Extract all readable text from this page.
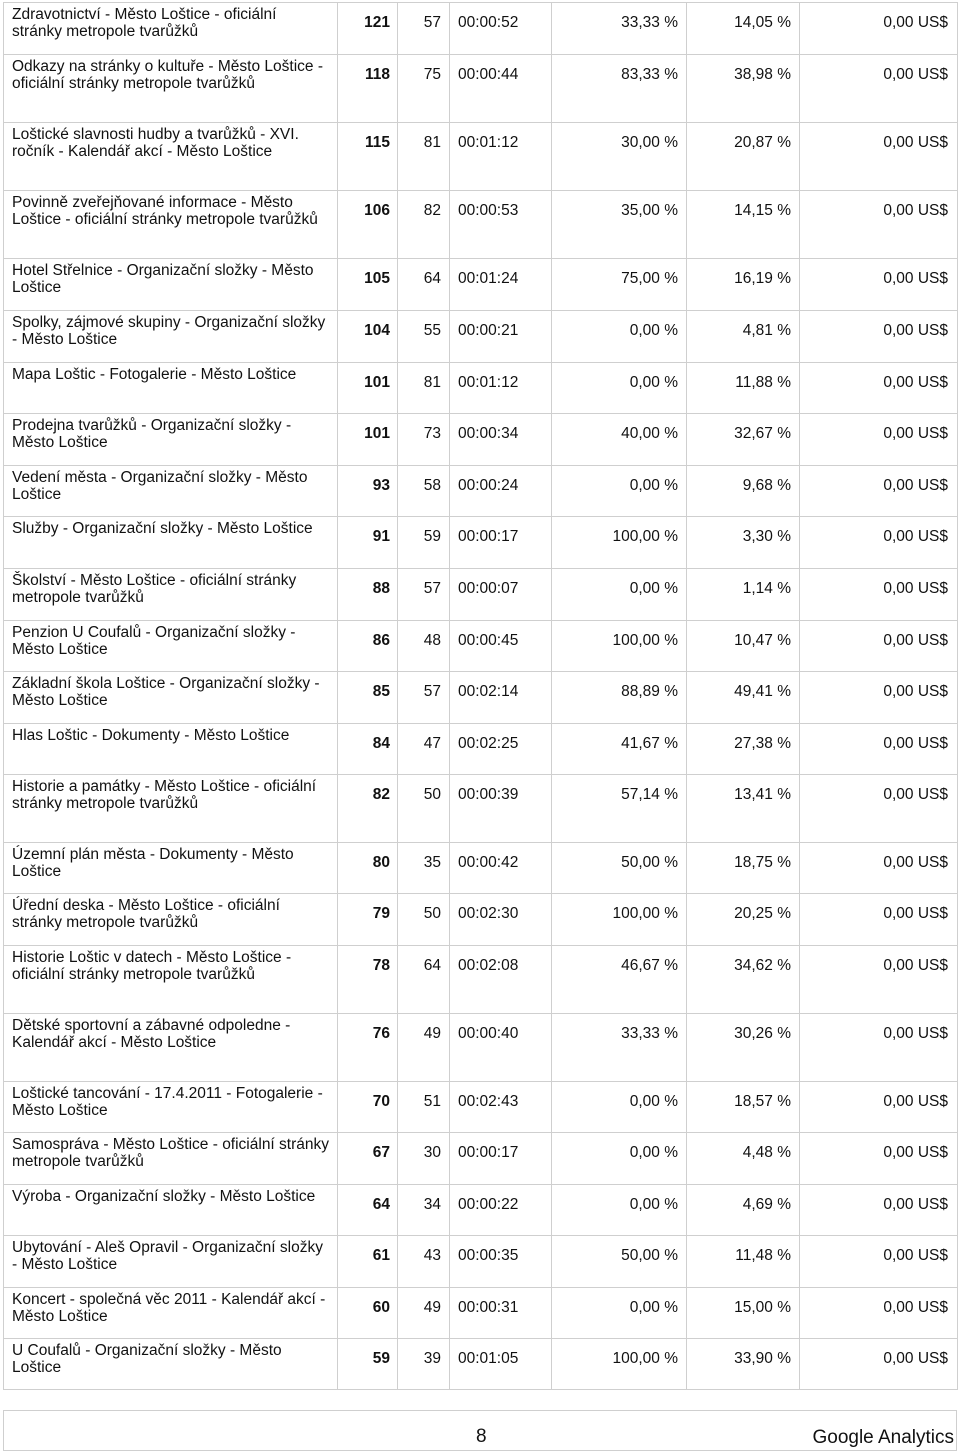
Zdravotnictví - Město Loštice - oficiální stránky metropole tvarůžků	121	57	00:00:52	33,33 %	14,05 %	0,00 US$
Odkazy na stránky o kultuře - Město Loštice - oficiální stránky metropole tvarůžků	118	75	00:00:44	83,33 %	38,98 %	0,00 US$
Loštické slavnosti hudby a tvarůžků - XVI. ročník - Kalendář akcí - Město Loštice	115	81	00:01:12	30,00 %	20,87 %	0,00 US$
Povinně zveřejňované informace - Město Loštice - oficiální stránky metropole tvarůžků	106	82	00:00:53	35,00 %	14,15 %	0,00 US$
Hotel Střelnice - Organizační složky - Město Loštice	105	64	00:01:24	75,00 %	16,19 %	0,00 US$
Spolky, zájmové skupiny - Organizační složky - Město Loštice	104	55	00:00:21	0,00 %	4,81 %	0,00 US$
Mapa Loštic - Fotogalerie - Město Loštice	101	81	00:01:12	0,00 %	11,88 %	0,00 US$
Prodejna tvarůžků - Organizační složky - Město Loštice	101	73	00:00:34	40,00 %	32,67 %	0,00 US$
Vedení města - Organizační složky - Město Loštice	93	58	00:00:24	0,00 %	9,68 %	0,00 US$
Služby - Organizační složky - Město Loštice	91	59	00:00:17	100,00 %	3,30 %	0,00 US$
Školství - Město Loštice - oficiální stránky metropole tvarůžků	88	57	00:00:07	0,00 %	1,14 %	0,00 US$
Penzion U Coufalů - Organizační složky - Město Loštice	86	48	00:00:45	100,00 %	10,47 %	0,00 US$
Základní škola Loštice - Organizační složky - Město Loštice	85	57	00:02:14	88,89 %	49,41 %	0,00 US$
Hlas Loštic - Dokumenty - Město Loštice	84	47	00:02:25	41,67 %	27,38 %	0,00 US$
Historie a památky - Město Loštice - oficiální stránky metropole tvarůžků	82	50	00:00:39	57,14 %	13,41 %	0,00 US$
Územní plán města - Dokumenty - Město Loštice	80	35	00:00:42	50,00 %	18,75 %	0,00 US$
Úřední deska - Město Loštice - oficiální stránky metropole tvarůžků	79	50	00:02:30	100,00 %	20,25 %	0,00 US$
Historie Loštic v datech - Město Loštice - oficiální stránky metropole tvarůžků	78	64	00:02:08	46,67 %	34,62 %	0,00 US$
Dětské sportovní a zábavné odpoledne - Kalendář akcí - Město Loštice	76	49	00:00:40	33,33 %	30,26 %	0,00 US$
Loštické tancování - 17.4.2011 - Fotogalerie - Město Loštice	70	51	00:02:43	0,00 %	18,57 %	0,00 US$
Samospráva - Město Loštice - oficiální stránky metropole tvarůžků	67	30	00:00:17	0,00 %	4,48 %	0,00 US$
Výroba - Organizační složky - Město Loštice	64	34	00:00:22	0,00 %	4,69 %	0,00 US$
Ubytování - Aleš Opravil - Organizační složky - Město Loštice	61	43	00:00:35	50,00 %	11,48 %	0,00 US$
Koncert - společná věc 2011 - Kalendář akcí - Město Loštice	60	49	00:00:31	0,00 %	15,00 %	0,00 US$
U Coufalů - Organizační složky - Město Loštice	59	39	00:01:05	100,00 %	33,90 %	0,00 US$
8	Google Analytics
